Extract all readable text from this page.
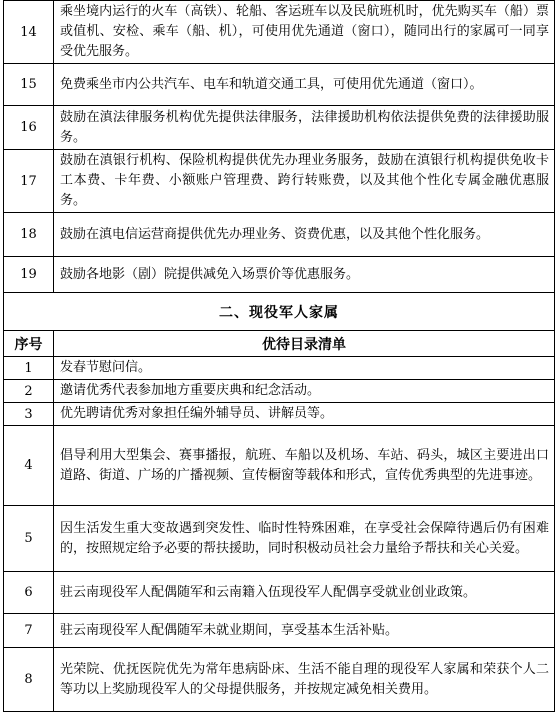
14	乘坐境内运行的火车（高铁）、轮船、客运班车以及民航班机时，优先购买车（船）票或值机、安检、乘车（船、机），可使用优先通道（窗口），随同出行的家属可一同享受优先服务。
15	免费乘坐市内公共汽车、电车和轨道交通工具，可使用优先通道（窗口）。
16	鼓励在滇法律服务机构优先提供法律服务，法律援助机构依法提供免费的法律援助服务。
17	鼓励在滇银行机构、保险机构提供优先办理业务服务，鼓励在滇银行机构提供免收卡工本费、卡年费、小额账户管理费、跨行转账费，以及其他个性化专属金融优惠服务。
18	鼓励在滇电信运营商提供优先办理业务、资费优惠，以及其他个性化服务。
19	鼓励各地影（剧）院提供减免入场票价等优惠服务。
二、现役军人家属	
序号	优待目录清单
1	发春节慰问信。
2	邀请优秀代表参加地方重要庆典和纪念活动。
3	优先聘请优秀对象担任编外辅导员、讲解员等。
4	倡导利用大型集会、赛事播报，航班、车船以及机场、车站、码头，城区主要进出口道路、街道、广场的广播视频、宣传橱窗等载体和形式，宣传优秀典型的先进事迹。
5	因生活发生重大变故遇到突发性、临时性特殊困难，在享受社会保障待遇后仍有困难的，按照规定给予必要的帮扶援助，同时积极动员社会力量给予帮扶和关心关爱。
6	驻云南现役军人配偶随军和云南籍入伍现役军人配偶享受就业创业政策。
7	驻云南现役军人配偶随军未就业期间，享受基本生活补贴。
8	光荣院、优抚医院优先为常年患病卧床、生活不能自理的现役军人家属和荣获个人二等功以上奖励现役军人的父母提供服务，并按规定减免相关费用。
